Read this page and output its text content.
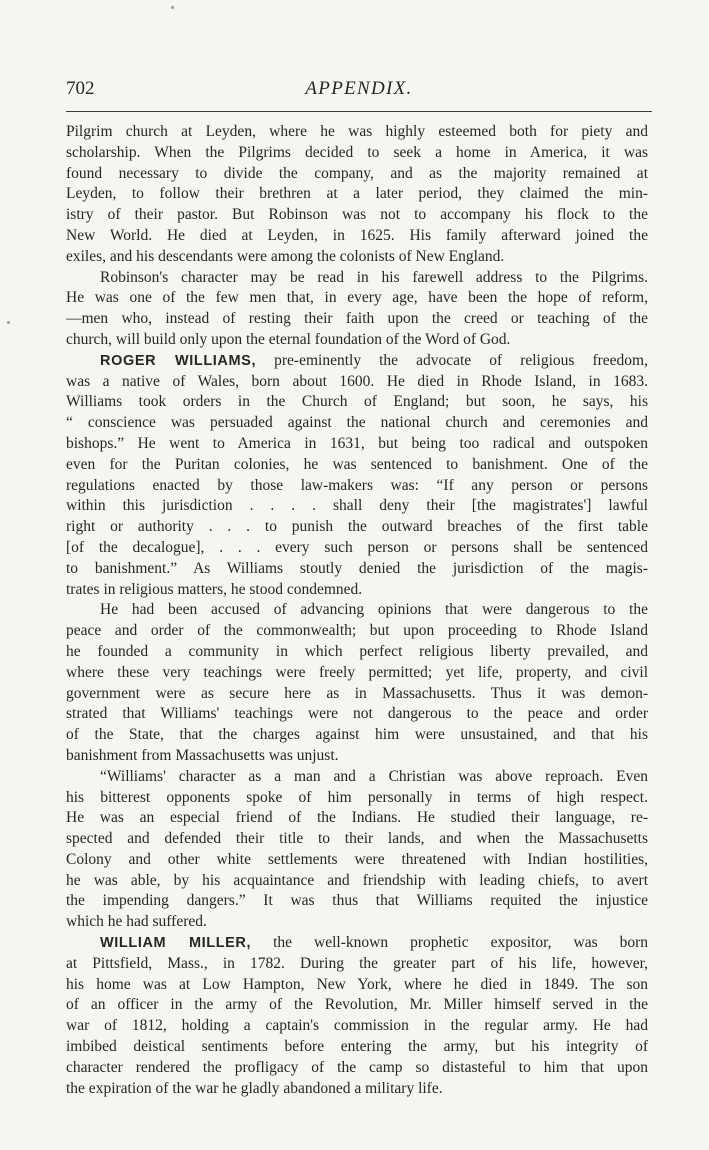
702	APPENDIX.
Pilgrim church at Leyden, where he was highly esteemed both for piety and
scholarship. When the Pilgrims decided to seek a home in America, it was
found necessary to divide the company, and as the majority remained at
Leyden, to follow their brethren at a later period, they claimed the min-
istry of their pastor. But Robinson was not to accompany his flock to the
New World. He died at Leyden, in 1625. His family afterward joined the
exiles, and his descendants were among the colonists of New England.
Robinson's character may be read in his farewell address to the Pilgrims.
He was one of the few men that, in every age, have been the hope of reform,
—men who, instead of resting their faith upon the creed or teaching of the
church, will build only upon the eternal foundation of the Word of God.
ROGER WILLIAMS, pre-eminently the advocate of religious freedom,
was a native of Wales, born about 1600. He died in Rhode Island, in 1683.
Williams took orders in the Church of England; but soon, he says, his
“ conscience was persuaded against the national church and ceremonies and
bishops.” He went to America in 1631, but being too radical and outspoken
even for the Puritan colonies, he was sentenced to banishment. One of the
regulations enacted by those law-makers was: “If any person or persons
within this jurisdiction . . . . shall deny their [the magistrates'] lawful
right or authority . . . to punish the outward breaches of the first table
[of the decalogue], . . . every such person or persons shall be sentenced
to banishment.” As Williams stoutly denied the jurisdiction of the magis-
trates in religious matters, he stood condemned.
He had been accused of advancing opinions that were dangerous to the
peace and order of the commonwealth; but upon proceeding to Rhode Island
he founded a community in which perfect religious liberty prevailed, and
where these very teachings were freely permitted; yet life, property, and civil
government were as secure here as in Massachusetts. Thus it was demon-
strated that Williams' teachings were not dangerous to the peace and order
of the State, that the charges against him were unsustained, and that his
banishment from Massachusetts was unjust.
“Williams' character as a man and a Christian was above reproach. Even
his bitterest opponents spoke of him personally in terms of high respect.
He was an especial friend of the Indians. He studied their language, re-
spected and defended their title to their lands, and when the Massachusetts
Colony and other white settlements were threatened with Indian hostilities,
he was able, by his acquaintance and friendship with leading chiefs, to avert
the impending dangers.” It was thus that Williams requited the injustice
which he had suffered.
WILLIAM MILLER, the well-known prophetic expositor, was born
at Pittsfield, Mass., in 1782. During the greater part of his life, however,
his home was at Low Hampton, New York, where he died in 1849. The son
of an officer in the army of the Revolution, Mr. Miller himself served in the
war of 1812, holding a captain's commission in the regular army. He had
imbibed deistical sentiments before entering the army, but his integrity of
character rendered the profligacy of the camp so distasteful to him that upon
the expiration of the war he gladly abandoned a military life.
